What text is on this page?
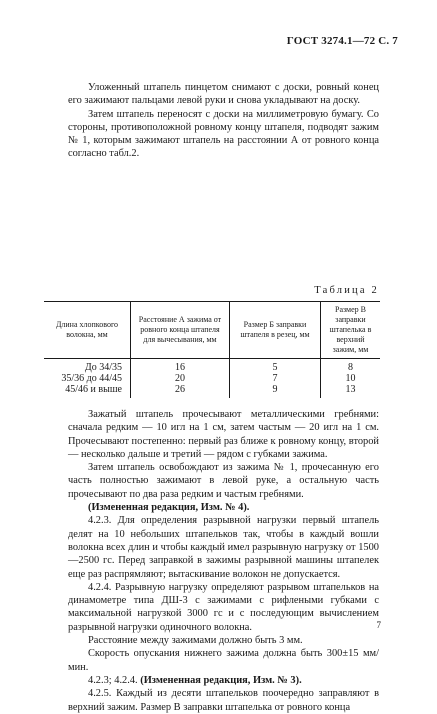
ГОСТ 3274.1—72 С. 7

Уложенный штапель пинцетом снимают с доски, ровный конец его зажимают пальцами левой руки и снова укладывают на доску.

Затем штапель переносят с доски на миллиметровую бумагу. Со стороны, противоположной ровному концу штапеля, подводят зажим № 1, которым зажимают штапель на расстоянии А от ровного конца согласно табл.2.

Таблица 2
Длина хлопкового волокна, мм	Расстояние А зажима от ровного конца штапеля для вычесывания, мм	Размер Б заправки штапеля в резец, мм	Размер В заправки штапелька в верхний зажим, мм
До 34/35	16	5	8
35/36 до 44/45	20	7	10
45/46 и выше	26	9	13

Зажатый штапель прочесывают металлическими гребнями: сначала редким — 10 игл на 1 см, затем частым — 20 игл на 1 см. Прочесывают постепенно: первый раз ближе к ровному концу, второй — несколько дальше и третий — рядом с губками зажима.

Затем штапель освобождают из зажима № 1, прочесанную его часть полностью зажимают в левой руке, а остальную часть прочесывают по два раза редким и частым гребнями.

(Измененная редакция, Изм. № 4).

4.2.3. Для определения разрывной нагрузки первый штапель делят на 10 небольших штапельков так, чтобы в каждый вошли волокна всех длин и чтобы каждый имел разрывную нагрузку от 1500—2500 гс. Перед заправкой в зажимы разрывной машины штапелек еще раз распрямляют; вытаскивание волокон не допускается.

4.2.4. Разрывную нагрузку определяют разрывом штапельков на динамометре типа ДШ-3 с зажимами с рифлеными губками с максимальной нагрузкой 3000 гс и с последующим вычислением разрывной нагрузки одиночного волокна.

Расстояние между зажимами должно быть 3 мм.

Скорость опускания нижнего зажима должна быть 300±15 мм/мин.

4.2.3; 4.2.4. (Измененная редакция, Изм. № 3).

4.2.5. Каждый из десяти штапельков поочередно заправляют в верхний зажим. Размер В заправки штапелька от ровного конца

7
